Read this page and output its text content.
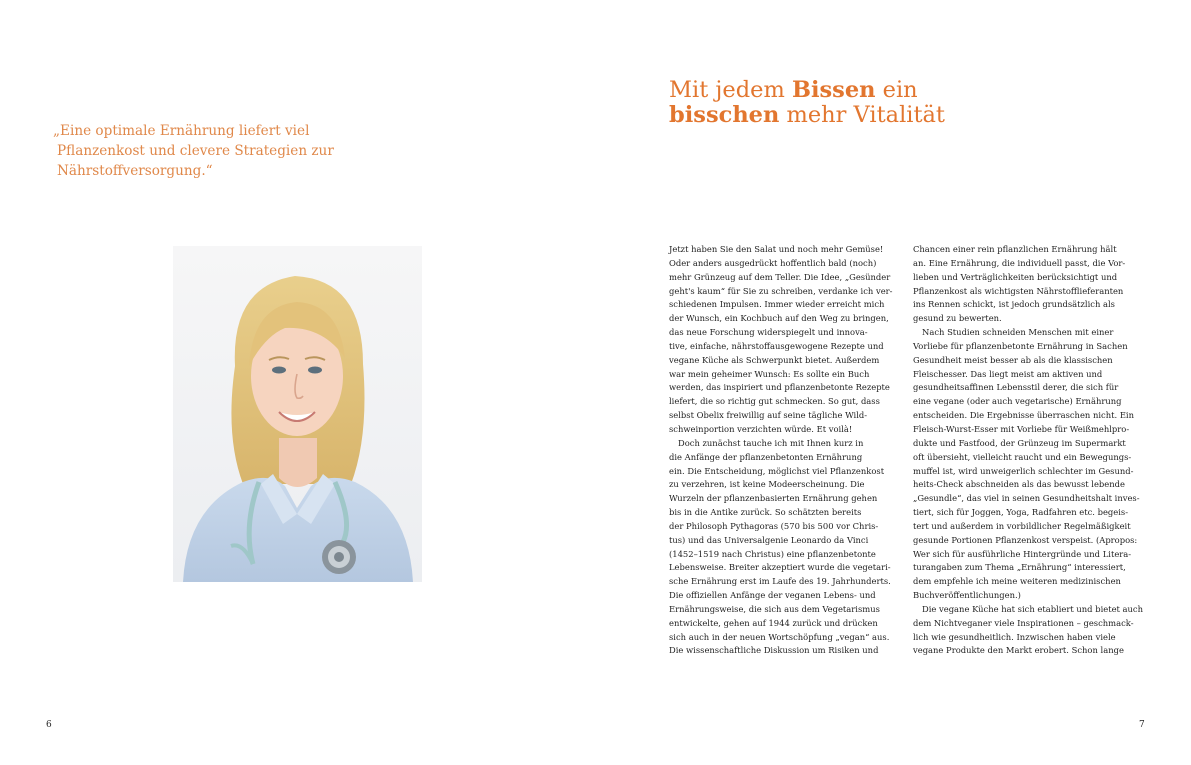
„Eine optimale Ernährung liefert viel
Pflanzenkost und clevere Strategien zur
Nährstoffversorgung.“
6
Mit jedem Bissen ein
bisschen mehr Vitalität
Jetzt haben Sie den Salat und noch mehr Gemüse!
Oder anders ausgedrückt hoffentlich bald (noch)
mehr Grünzeug auf dem Teller. Die Idee, „Gesünder
geht's kaum“ für Sie zu schreiben, verdanke ich ver-
schiedenen Impulsen. Immer wieder erreicht mich
der Wunsch, ein Kochbuch auf den Weg zu bringen,
das neue Forschung widerspiegelt und innova-
tive, einfache, nährstoffausgewogene Rezepte und
vegane Küche als Schwerpunkt bietet. Außerdem
war mein geheimer Wunsch: Es sollte ein Buch
werden, das inspiriert und pflanzenbetonte Rezepte
liefert, die so richtig gut schmecken. So gut, dass
selbst Obelix freiwillig auf seine tägliche Wild-
schweinportion verzichten würde. Et voilà!
Doch zunächst tauche ich mit Ihnen kurz in
die Anfänge der pflanzenbetonten Ernährung
ein. Die Entscheidung, möglichst viel Pflanzenkost
zu verzehren, ist keine Modeerscheinung. Die
Wurzeln der pflanzenbasierten Ernährung gehen
bis in die Antike zurück. So schätzten bereits
der Philosoph Pythagoras (570 bis 500 vor Chris-
tus) und das Universalgenie Leonardo da Vinci
(1452–1519 nach Christus) eine pflanzenbetonte
Lebensweise. Breiter akzeptiert wurde die vegetari-
sche Ernährung erst im Laufe des 19. Jahrhunderts.
Die offiziellen Anfänge der veganen Lebens- und
Ernährungsweise, die sich aus dem Vegetarismus
entwickelte, gehen auf 1944 zurück und drücken
sich auch in der neuen Wortschöpfung „vegan“ aus.
Die wissenschaftliche Diskussion um Risiken und
Chancen einer rein pflanzlichen Ernährung hält
an. Eine Ernährung, die individuell passt, die Vor-
lieben und Verträglichkeiten berücksichtigt und
Pflanzenkost als wichtigsten Nährstofflieferanten
ins Rennen schickt, ist jedoch grundsätzlich als
gesund zu bewerten.
Nach Studien schneiden Menschen mit einer
Vorliebe für pflanzenbetonte Ernährung in Sachen
Gesundheit meist besser ab als die klassischen
Fleischesser. Das liegt meist am aktiven und
gesundheitsaffinen Lebensstil derer, die sich für
eine vegane (oder auch vegetarische) Ernährung
entscheiden. Die Ergebnisse überraschen nicht. Ein
Fleisch-Wurst-Esser mit Vorliebe für Weißmehlpro-
dukte und Fastfood, der Grünzeug im Supermarkt
oft übersieht, vielleicht raucht und ein Bewegungs-
muffel ist, wird unweigerlich schlechter im Gesund-
heits-Check abschneiden als das bewusst lebende
„Gesundle“, das viel in seinen Gesundheitshalt inves-
tiert, sich für Joggen, Yoga, Radfahren etc. begeis-
tert und außerdem in vorbildlicher Regelmäßigkeit
gesunde Portionen Pflanzenkost verspeist. (Apropos:
Wer sich für ausführliche Hintergründe und Litera-
turangaben zum Thema „Ernährung“ interessiert,
dem empfehle ich meine weiteren medizinischen
Buchveröffentlichungen.)
Die vegane Küche hat sich etabliert und bietet auch
dem Nichtveganer viele Inspirationen – geschmack-
lich wie gesundheitlich. Inzwischen haben viele
vegane Produkte den Markt erobert. Schon lange
7
